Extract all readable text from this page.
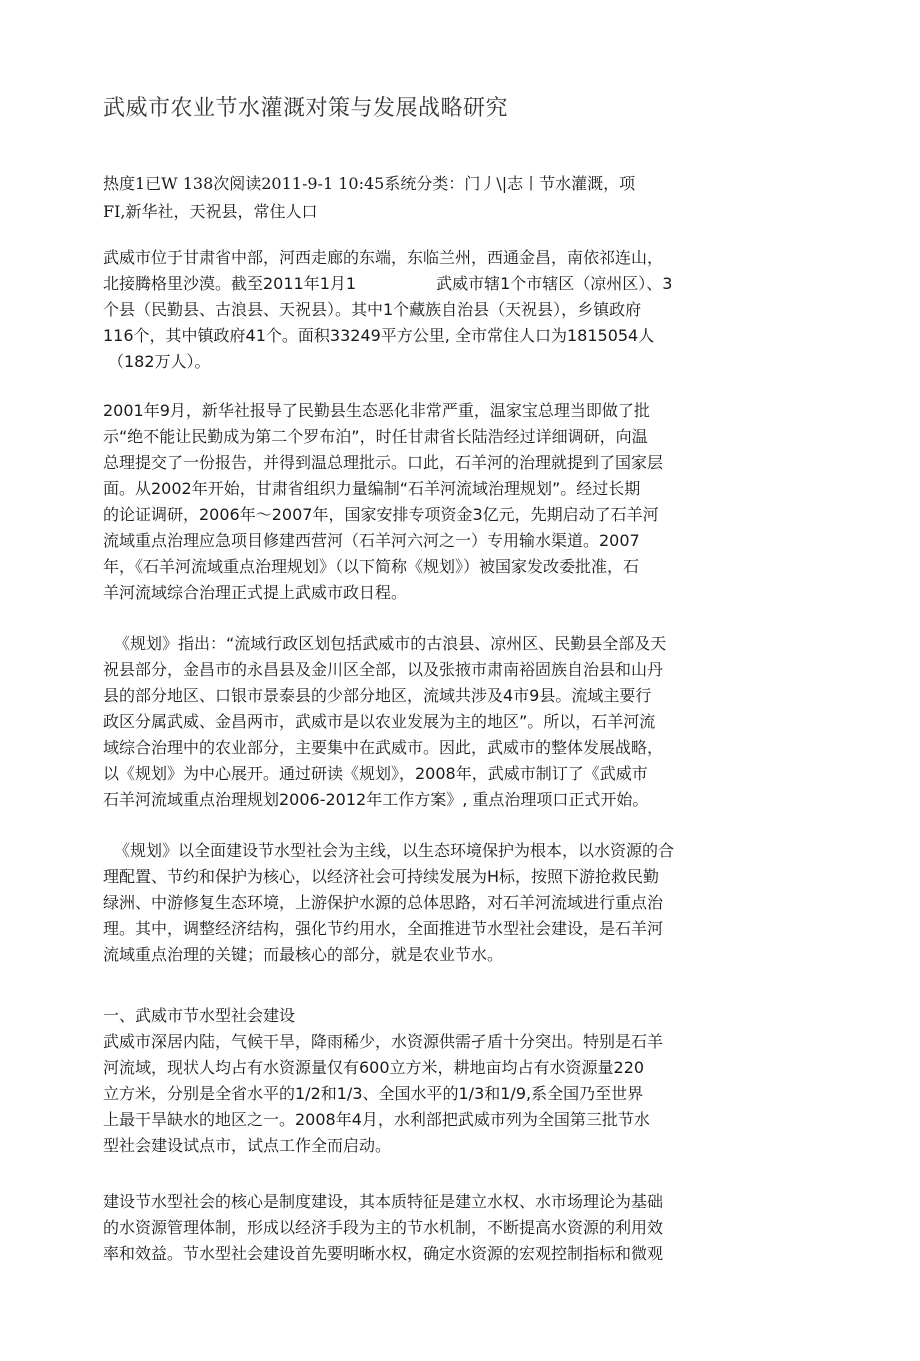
武威市农业节水灌溉对策与发展战略研究
热度1已W 138次阅读2011-9-1 10:45系统分类：门丿\|志丨节水灌溉，项
FI,新华社，天祝县，常住人口
武威市位于甘肃省中部，河西走廊的东端，东临兰州，西通金昌，南依祁连山，
北接腾格里沙漠。截至2011年1月1　　　　　武威市辖1个市辖区（凉州区）、3
个县（民勤县、古浪县、天祝县）。其中1个藏族自治县（天祝县），乡镇政府
116个，其中镇政府41个。面积33249平方公里, 全市常住人口为1815054人
（182万人）。
2001年9月，新华社报导了民勤县生态恶化非常严重，温家宝总理当即做了批
示“绝不能让民勤成为第二个罗布泊”，时任甘肃省长陆浩经过详细调研，向温
总理提交了一份报告，并得到温总理批示。口此，石羊河的治理就提到了国家层
面。从2002年开始，甘肃省组织力量编制“石羊河流域治理规划”。经过长期
的论证调研，2006年～2007年，国家安排专项资金3亿元，先期启动了石羊河
流域重点治理应急项目修建西营河（石羊河六河之一）专用输水渠道。2007
年，《石羊河流域重点治理规划》（以下简称《规划》）被国家发改委批准，石
羊河流域综合治理正式提上武威市政日程。
《规划》指出：“流域行政区划包括武威市的古浪县、凉州区、民勤县全部及天
祝县部分，金昌市的永昌县及金川区全部，以及张掖市肃南裕固族自治县和山丹
县的部分地区、口银市景泰县的少部分地区，流域共涉及4市9县。流域主要行
政区分属武威、金昌两市，武威市是以农业发展为主的地区”。所以，石羊河流
域综合治理中的农业部分，主要集中在武威市。因此，武威市的整体发展战略，
以《规划》为中心展开。通过研读《规划》，2008年，武威市制订了《武威市
石羊河流域重点治理规划2006-2012年工作方案》, 重点治理项口正式开始。
《规划》以全面建设节水型社会为主线，以生态环境保护为根本，以水资源的合
理配置、节约和保护为核心，以经济社会可持续发展为H标，按照下游抢救民勤
绿洲、中游修复生态环境，上游保护水源的总体思路，对石羊河流域进行重点治
理。其中，调整经济结构，强化节约用水，全面推进节水型社会建设，是石羊河
流域重点治理的关键；而最核心的部分，就是农业节水。
一、武威市节水型社会建设
武威市深居内陆，气候干旱，降雨稀少，水资源供需孑盾十分突出。特别是石羊
河流域，现状人均占有水资源量仅有600立方米，耕地亩均占有水资源量220
立方米，分别是全省水平的1/2和1/3、全国水平的1/3和1/9,系全国乃至世界
上最干旱缺水的地区之一。2008年4月，水利部把武威市列为全国第三批节水
型社会建设试点市，试点工作全而启动。
建设节水型社会的核心是制度建设，其本质特征是建立水权、水市场理论为基础
的水资源管理体制，形成以经济手段为主的节水机制，不断提高水资源的利用效
率和效益。节水型社会建设首先要明晰水权，确定水资源的宏观控制指标和微观
